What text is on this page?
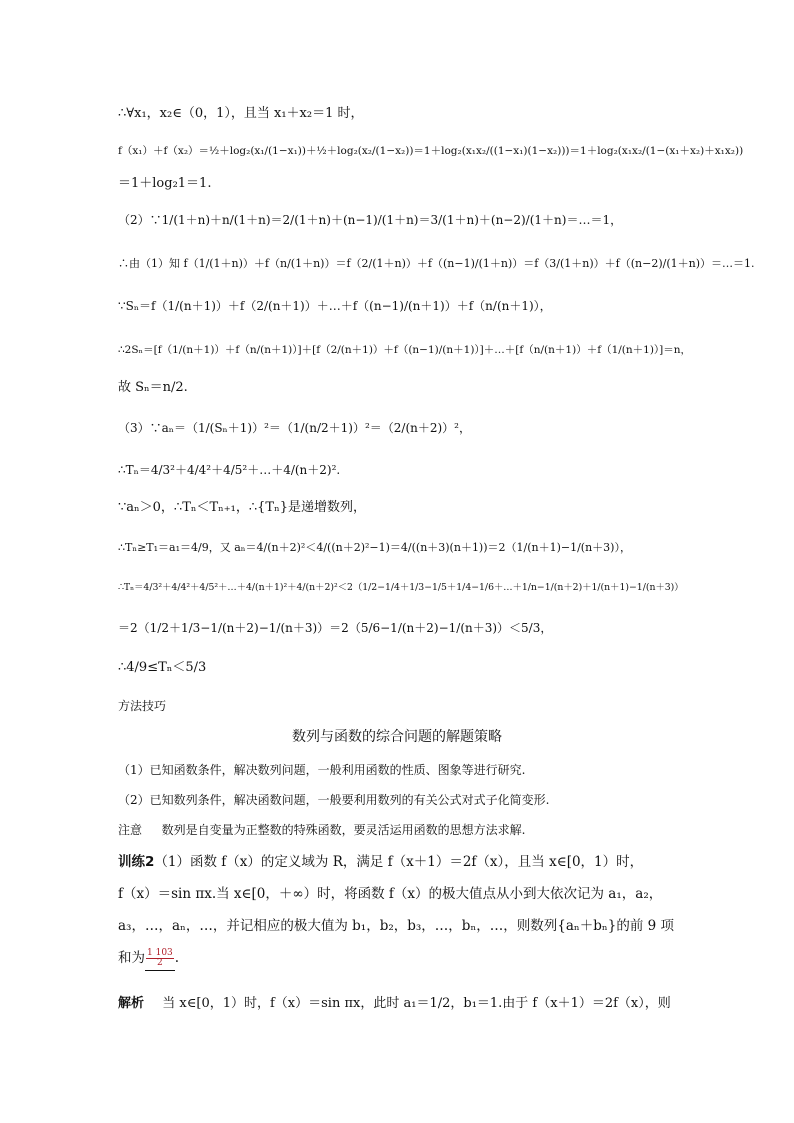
∴∀x₁，x₂∈（0，1），且当 x₁＋x₂＝1 时，
f（x₁）＋f（x₂）＝½＋log₂(x₁/(1−x₁))＋½＋log₂(x₂/(1−x₂))＝1＋log₂(x₁x₂/((1−x₁)(1−x₂)))＝1＋log₂(x₁x₂/(1−(x₁＋x₂)＋x₁x₂))
＝1＋log₂1＝1.
（2）∵1/(1＋n)＋n/(1＋n)＝2/(1＋n)＋(n−1)/(1＋n)＝3/(1＋n)＋(n−2)/(1＋n)＝…＝1，
∴由（1）知 f（1/(1＋n)）＋f（n/(1＋n)）＝f（2/(1＋n)）＋f（(n−1)/(1＋n)）＝f（3/(1＋n)）＋f（(n−2)/(1＋n)）＝…＝1.
∵Sₙ＝f（1/(n＋1)）＋f（2/(n＋1)）＋…＋f（(n−1)/(n＋1)）＋f（n/(n＋1)），
∴2Sₙ＝[f（1/(n＋1)）＋f（n/(n＋1)）]＋[f（2/(n＋1)）＋f（(n−1)/(n＋1)）]＋…＋[f（n/(n＋1)）＋f（1/(n＋1)）]＝n，
故 Sₙ＝n/2.
（3）∵aₙ＝（1/(Sₙ＋1)）²＝（1/(n/2＋1)）²＝（2/(n＋2)）²，
∴Tₙ＝4/3²＋4/4²＋4/5²＋…＋4/(n＋2)².
∵aₙ＞0，∴Tₙ＜Tₙ₊₁，∴{Tₙ}是递增数列，
∴Tₙ≥T₁＝a₁＝4/9，又 aₙ＝4/(n＋2)²＜4/((n＋2)²−1)＝4/((n＋3)(n＋1))＝2（1/(n＋1)−1/(n＋3)），
∴Tₙ＝4/3²＋4/4²＋4/5²＋…＋4/(n＋1)²＋4/(n＋2)²＜2（1/2−1/4＋1/3−1/5＋1/4−1/6＋…＋1/n−1/(n＋2)＋1/(n＋1)−1/(n＋3)）
＝2（1/2＋1/3−1/(n＋2)−1/(n＋3)）＝2（5/6−1/(n＋2)−1/(n＋3)）＜5/3，
∴4/9≤Tₙ＜5/3
方法技巧
数列与函数的综合问题的解题策略
（1）已知函数条件，解决数列问题，一般利用函数的性质、图象等进行研究.
（2）已知数列条件，解决函数问题，一般要利用数列的有关公式对式子化简变形.
注意 数列是自变量为正整数的特殊函数，要灵活运用函数的思想方法求解.
训练2（1）函数 f（x）的定义域为 R，满足 f（x＋1）＝2f（x），且当 x∈[0，1）时，
f（x）＝sin πx.当 x∈[0，＋∞）时，将函数 f（x）的极大值点从小到大依次记为 a₁，a₂，
a₃，…，aₙ，…，并记相应的极大值为 b₁，b₂，b₃，…，bₙ，…，则数列{aₙ＋bₙ}的前 9 项
和为 $\frac{1 103}{2}$ .
解析 当 x∈[0，1）时，f（x）＝sin πx，此时 a₁＝1/2，b₁＝1.由于 f（x＋1）＝2f（x），则
